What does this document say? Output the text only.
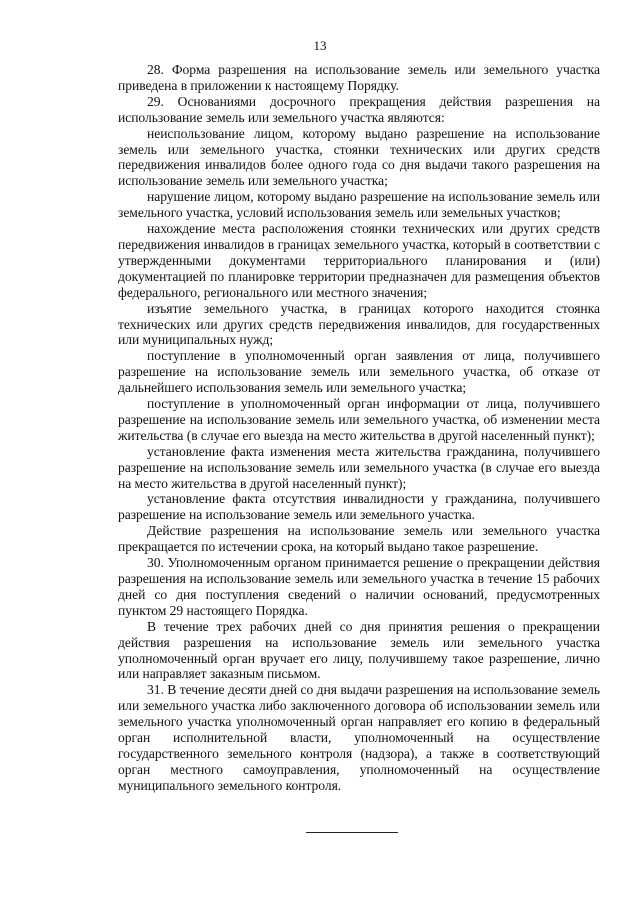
13

28. Форма разрешения на использование земель или земельного участка приведена в приложении к настоящему Порядку.

29. Основаниями досрочного прекращения действия разрешения на использование земель или земельного участка являются:

неиспользование лицом, которому выдано разрешение на использование земель или земельного участка, стоянки технических или других средств передвижения инвалидов более одного года со дня выдачи такого разрешения на использование земель или земельного участка;

нарушение лицом, которому выдано разрешение на использование земель или земельного участка, условий использования земель или земельных участков;

нахождение места расположения стоянки технических или других средств передвижения инвалидов в границах земельного участка, который в соответствии с утвержденными документами территориального планирования и (или) документацией по планировке территории предназначен для размещения объектов федерального, регионального или местного значения;

изъятие земельного участка, в границах которого находится стоянка технических или других средств передвижения инвалидов, для государственных или муниципальных нужд;

поступление в уполномоченный орган заявления от лица, получившего разрешение на использование земель или земельного участка, об отказе от дальнейшего использования земель или земельного участка;

поступление в уполномоченный орган информации от лица, получившего разрешение на использование земель или земельного участка, об изменении места жительства (в случае его выезда на место жительства в другой населенный пункт);

установление факта изменения места жительства гражданина, получившего разрешение на использование земель или земельного участка (в случае его выезда на место жительства в другой населенный пункт);

установление факта отсутствия инвалидности у гражданина, получившего разрешение на использование земель или земельного участка.

Действие разрешения на использование земель или земельного участка прекращается по истечении срока, на который выдано такое разрешение.

30. Уполномоченным органом принимается решение о прекращении действия разрешения на использование земель или земельного участка в течение 15 рабочих дней со дня поступления сведений о наличии оснований, предусмотренных пунктом 29 настоящего Порядка.

В течение трех рабочих дней со дня принятия решения о прекращении действия разрешения на использование земель или земельного участка уполномоченный орган вручает его лицу, получившему такое разрешение, лично или направляет заказным письмом.

31. В течение десяти дней со дня выдачи разрешения на использование земель или земельного участка либо заключенного договора об использовании земель или земельного участка уполномоченный орган направляет его копию в федеральный орган исполнительной власти, уполномоченный на осуществление государственного земельного контроля (надзора), а также в соответствующий орган местного самоуправления, уполномоченный на осуществление муниципального земельного контроля.
